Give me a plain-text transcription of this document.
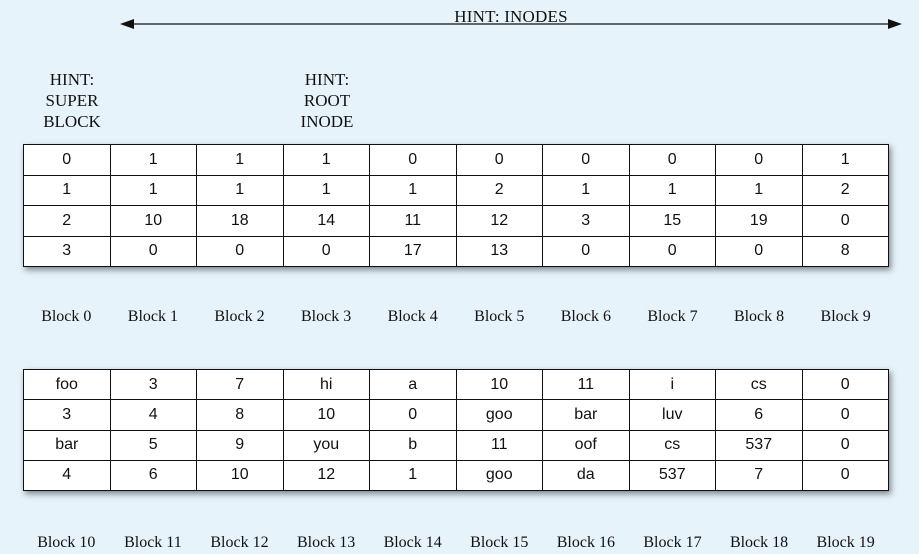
HINT: INODES
HINT:
SUPER
BLOCK
HINT:
ROOT
INODE
0	1	1	1	0	0	0	0	0	1
1	1	1	1	1	2	1	1	1	2
2	10	18	14	11	12	3	15	19	0
3	0	0	0	17	13	0	0	0	8
Block 0	Block 1	Block 2	Block 3	Block 4	Block 5	Block 6	Block 7	Block 8	Block 9
foo	3	7	hi	a	10	11	i	cs	0
3	4	8	10	0	goo	bar	luv	6	0
bar	5	9	you	b	11	oof	cs	537	0
4	6	10	12	1	goo	da	537	7	0
Block 10	Block 11	Block 12	Block 13	Block 14	Block 15	Block 16	Block 17	Block 18	Block 19
